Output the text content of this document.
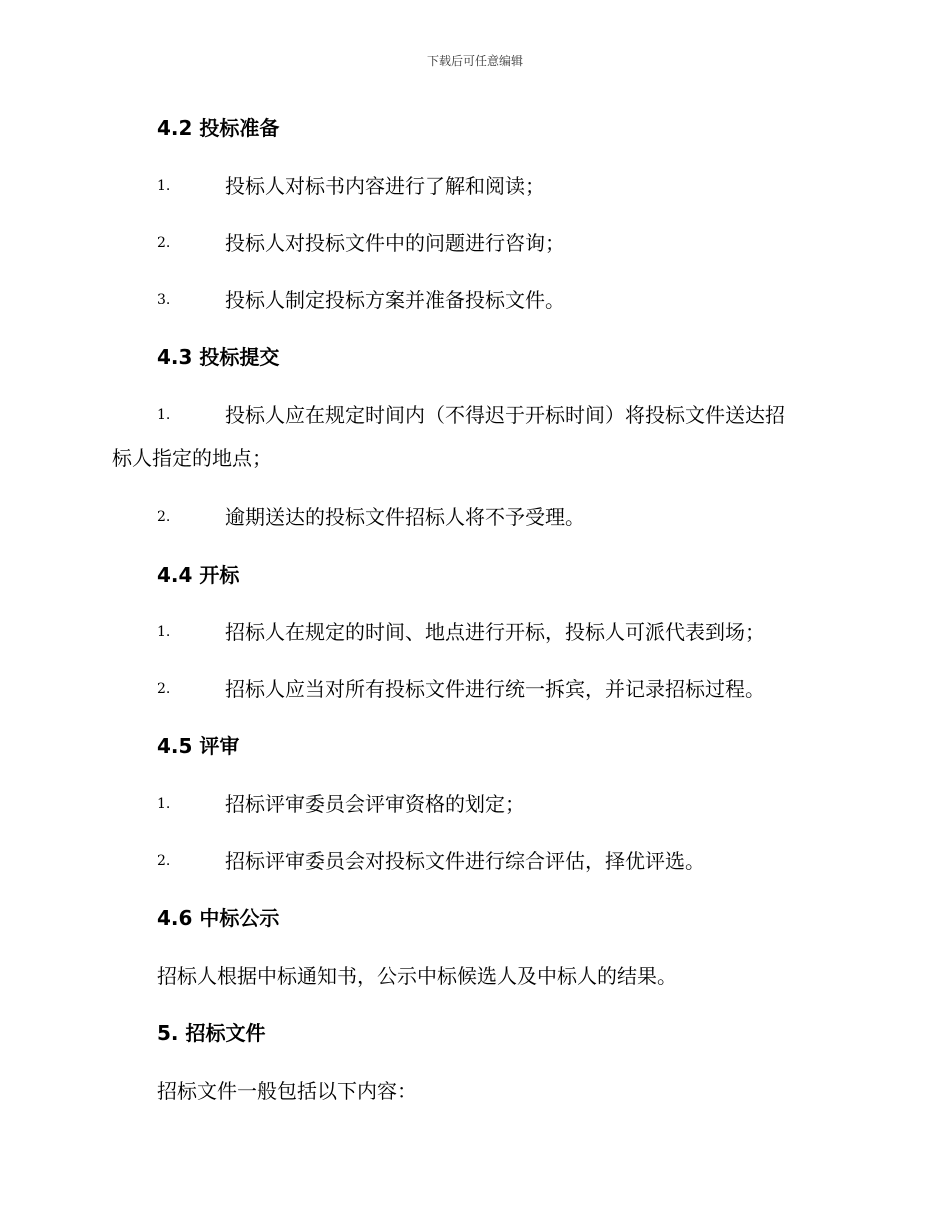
下载后可任意编辑
4.2 投标准备
1.	投标人对标书内容进行了解和阅读；
2.	投标人对投标文件中的问题进行咨询；
3.	投标人制定投标方案并准备投标文件。
4.3 投标提交
1.	投标人应在规定时间内（不得迟于开标时间）将投标文件送达招
标人指定的地点；
2.	逾期送达的投标文件招标人将不予受理。
4.4 开标
1.	招标人在规定的时间、地点进行开标，投标人可派代表到场；
2.	招标人应当对所有投标文件进行统一拆宾，并记录招标过程。
4.5 评审
1.	招标评审委员会评审资格的划定；
2.	招标评审委员会对投标文件进行综合评估，择优评选。
4.6 中标公示
招标人根据中标通知书，公示中标候选人及中标人的结果。
5. 招标文件
招标文件一般包括以下内容：
